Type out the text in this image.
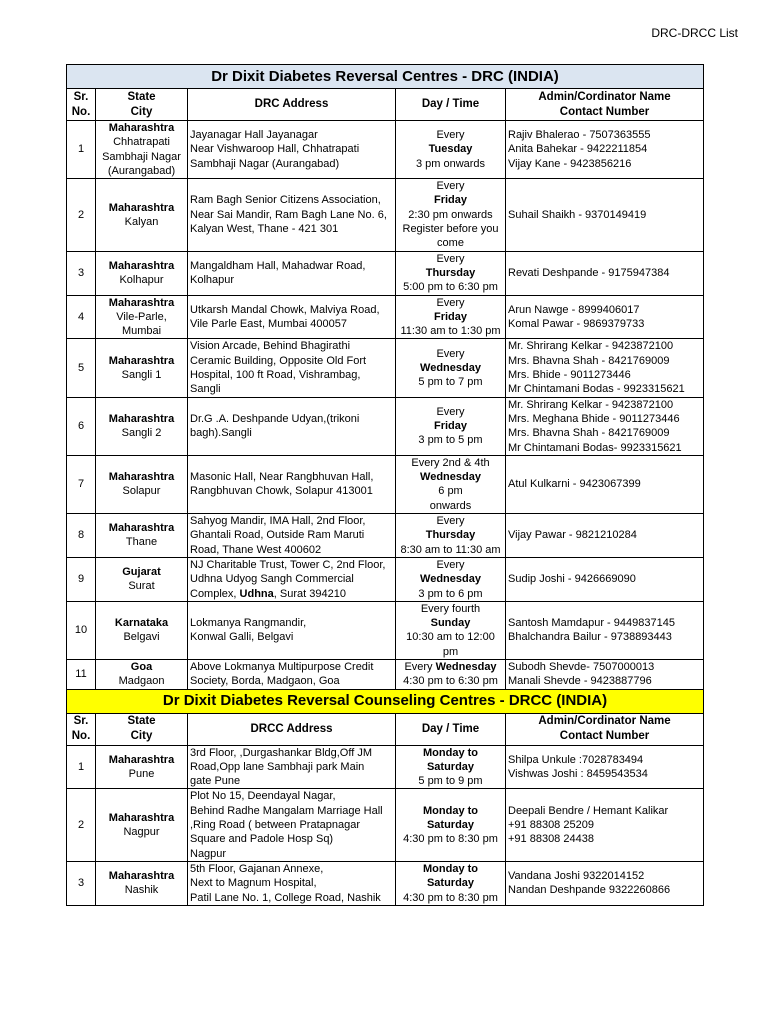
DRC-DRCC List
Dr Dixit Diabetes Reversal Centres - DRC (INDIA)				

Sr.
No.	State
City	DRC Address	Day / Time	Admin/Cordinator Name
Contact Number

1	Maharashtra
Chhatrapati
Sambhaji Nagar
(Aurangabad)	Jayanagar Hall Jayanagar
Near Vishwaroop Hall, Chhatrapati
Sambhaji Nagar (Aurangabad)	Every
Tuesday
3 pm onwards	Rajiv Bhalerao - 7507363555
Anita Bahekar - 9422211854
Vijay Kane - 9423856216

2	Maharashtra
Kalyan	Ram Bagh Senior Citizens Association,
Near Sai Mandir, Ram Bagh Lane No. 6,
Kalyan West, Thane - 421 301	Every
Friday
2:30 pm onwards
Register before you
come	Suhail Shaikh - 9370149419

3	Maharashtra
Kolhapur	Mangaldham Hall, Mahadwar Road,
Kolhapur	Every
Thursday
5:00 pm to 6:30 pm	Revati Deshpande - 9175947384

4	Maharashtra
Vile-Parle,
Mumbai	Utkarsh Mandal Chowk, Malviya Road,
Vile Parle East, Mumbai 400057	Every
Friday
11:30 am to 1:30 pm	Arun Nawge - 8999406017
Komal Pawar - 9869379733

5	Maharashtra
Sangli 1	Vision Arcade, Behind Bhagirathi
Ceramic Building, Opposite Old Fort
Hospital, 100 ft Road, Vishrambag,
Sangli	Every
Wednesday
5 pm to 7 pm	Mr. Shrirang Kelkar - 9423872100
Mrs. Bhavna Shah - 8421769009
Mrs. Bhide - 9011273446
Mr Chintamani Bodas - 9923315621

6	Maharashtra
Sangli 2	Dr.G .A. Deshpande Udyan,(trikoni
bagh).Sangli	Every
Friday
3 pm to 5 pm	Mr. Shrirang Kelkar - 9423872100
Mrs. Meghana Bhide - 9011273446
Mrs. Bhavna Shah - 8421769009
Mr Chintamani Bodas- 9923315621

7	Maharashtra
Solapur	Masonic Hall, Near Rangbhuvan Hall,
Rangbhuvan Chowk, Solapur 413001	Every 2nd & 4th
Wednesday
6 pm
onwards	Atul Kulkarni - 9423067399

8	Maharashtra
Thane	Sahyog Mandir, IMA Hall, 2nd Floor,
Ghantali Road, Outside Ram Maruti
Road, Thane West 400602	Every
Thursday
8:30 am to 11:30 am	Vijay Pawar - 9821210284

9	Gujarat
Surat	NJ Charitable Trust, Tower C, 2nd Floor,
Udhna Udyog Sangh Commercial
Complex, Udhna, Surat 394210	Every
Wednesday
3 pm to 6 pm	Sudip Joshi - 9426669090

10	Karnataka
Belgavi	Lokmanya Rangmandir,
Konwal Galli, Belgavi	Every fourth
Sunday
10:30 am to 12:00
pm	Santosh Mamdapur - 9449837145
Bhalchandra Bailur - 9738893443

11	Goa
Madgaon	Above Lokmanya Multipurpose Credit
Society, Borda, Madgaon, Goa	Every Wednesday
4:30 pm to 6:30 pm	Subodh Shevde- 7507000013
Manali Shevde - 9423887796

Dr Dixit Diabetes Reversal Counseling Centres - DRCC (INDIA)				

Sr.
No.	State
City	DRCC Address	Day / Time	Admin/Cordinator Name
Contact Number

1	Maharashtra
Pune	3rd Floor, ,Durgashankar Bldg,Off JM
Road,Opp lane Sambhaji park Main
gate Pune	Monday to Saturday
5 pm to 9 pm	Shilpa Unkule :7028783494
Vishwas Joshi : 8459543534

2	Maharashtra
Nagpur	Plot No 15, Deendayal Nagar,
Behind Radhe Mangalam Marriage Hall
,Ring Road ( between Pratapnagar
Square and Padole Hosp Sq)
Nagpur	Monday to Saturday
4:30 pm to 8:30 pm	Deepali Bendre / Hemant Kalikar
+91 88308 25209
+91 88308 24438

3	Maharashtra
Nashik	5th Floor, Gajanan Annexe,
Next to Magnum Hospital,
Patil Lane No. 1, College Road, Nashik	Monday to Saturday
4:30 pm to 8:30 pm	Vandana Joshi 9322014152
Nandan Deshpande 9322260866
